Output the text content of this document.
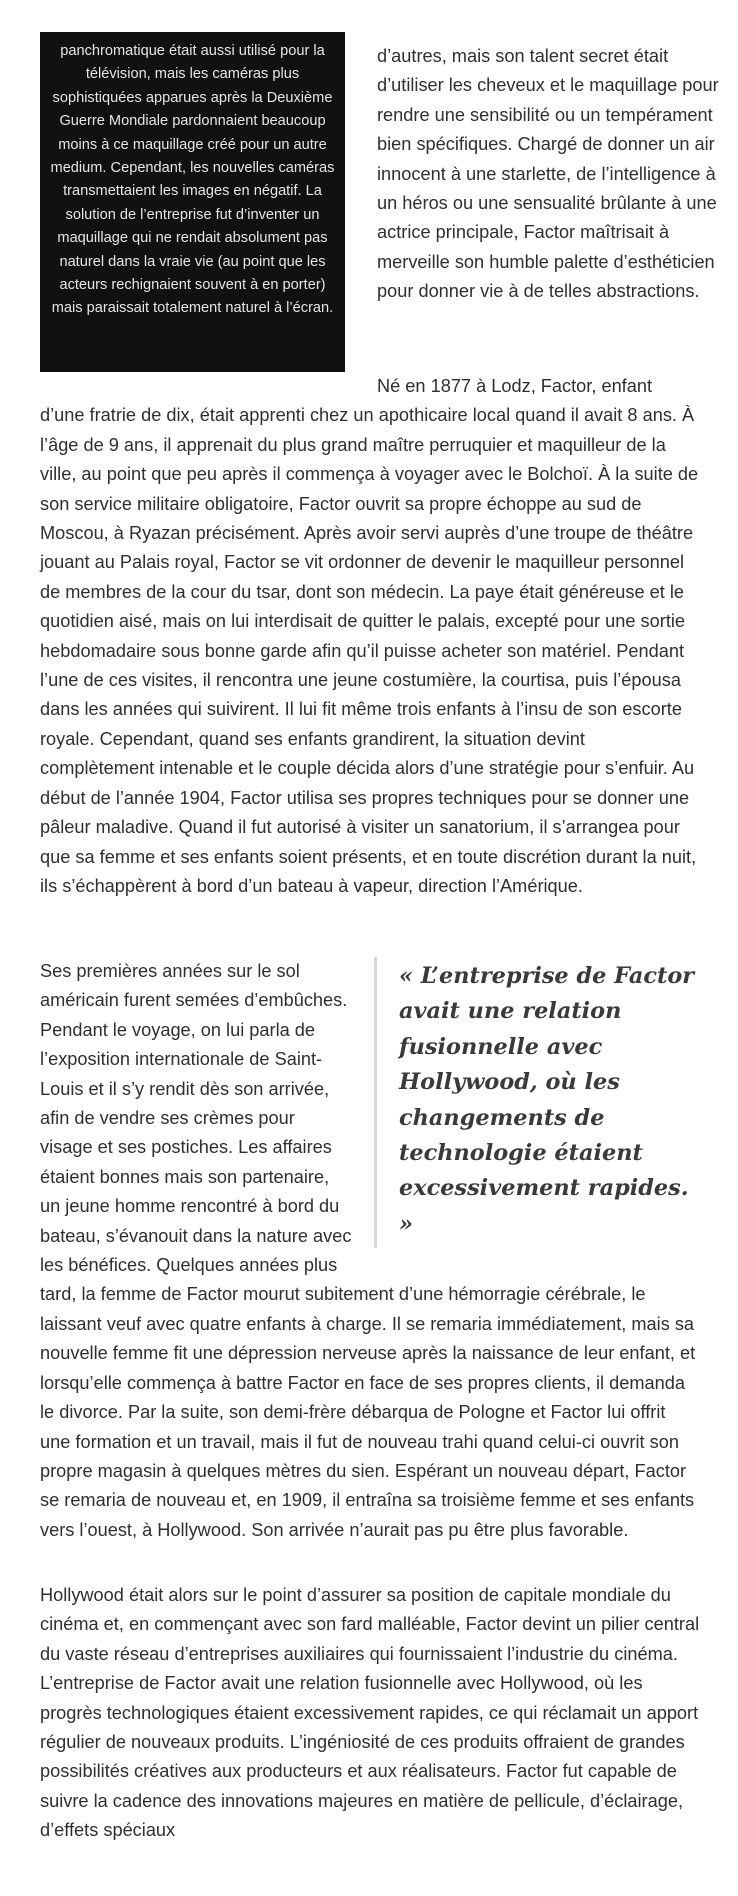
panchromatique était aussi utilisé pour la télévision, mais les caméras plus sophistiquées apparues après la Deuxième Guerre Mondiale pardonnaient beaucoup moins à ce maquillage créé pour un autre medium. Cependant, les nouvelles caméras transmettaient les images en négatif. La solution de l’entreprise fut d’inventer un maquillage qui ne rendait absolument pas naturel dans la vraie vie (au point que les acteurs rechignaient souvent à en porter) mais paraissait totalement naturel à l’écran.

d’autres, mais son talent secret était d’utiliser les cheveux et le maquillage pour rendre une sensibilité ou un tempérament bien spécifiques. Chargé de donner un air innocent à une starlette, de l’intelligence à un héros ou une sensualité brûlante à une actrice principale, Factor maîtrisait à merveille son humble palette d’esthéticien pour donner vie à de telles abstractions.

Né en 1877 à Lodz, Factor, enfant d’une fratrie de dix, était apprenti chez un apothicaire local quand il avait 8 ans. À l’âge de 9 ans, il apprenait du plus grand maître perruquier et maquilleur de la ville, au point que peu après il commença à voyager avec le Bolchoï. À la suite de son service militaire obligatoire, Factor ouvrit sa propre échoppe au sud de Moscou, à Ryazan précisément. Après avoir servi auprès d’une troupe de théâtre jouant au Palais royal, Factor se vit ordonner de devenir le maquilleur personnel de membres de la cour du tsar, dont son médecin. La paye était généreuse et le quotidien aisé, mais on lui interdisait de quitter le palais, excepté pour une sortie hebdomadaire sous bonne garde afin qu’il puisse acheter son matériel. Pendant l’une de ces visites, il rencontra une jeune costumière, la courtisa, puis l’épousa dans les années qui suivirent. Il lui fit même trois enfants à l’insu de son escorte royale. Cependant, quand ses enfants grandirent, la situation devint complètement intenable et le couple décida alors d’une stratégie pour s’enfuir. Au début de l’année 1904, Factor utilisa ses propres techniques pour se donner une pâleur maladive. Quand il fut autorisé à visiter un sanatorium, il s’arrangea pour que sa femme et ses enfants soient présents, et en toute discrétion durant la nuit, ils s’échappèrent à bord d’un bateau à vapeur, direction l’Amérique.

« L’entreprise de Factor avait une relation fusionnelle avec Hollywood, où les changements de technologie étaient excessivement rapides. »

Ses premières années sur le sol américain furent semées d’embûches. Pendant le voyage, on lui parla de l’exposition internationale de Saint-Louis et il s’y rendit dès son arrivée, afin de vendre ses crèmes pour visage et ses postiches. Les affaires étaient bonnes mais son partenaire, un jeune homme rencontré à bord du bateau, s’évanouit dans la nature avec les bénéfices. Quelques années plus tard, la femme de Factor mourut subitement d’une hémorragie cérébrale, le laissant veuf avec quatre enfants à charge. Il se remaria immédiatement, mais sa nouvelle femme fit une dépression nerveuse après la naissance de leur enfant, et lorsqu’elle commença à battre Factor en face de ses propres clients, il demanda le divorce. Par la suite, son demi-frère débarqua de Pologne et Factor lui offrit une formation et un travail, mais il fut de nouveau trahi quand celui-ci ouvrit son propre magasin à quelques mètres du sien. Espérant un nouveau départ, Factor se remaria de nouveau et, en 1909, il entraîna sa troisième femme et ses enfants vers l’ouest, à Hollywood. Son arrivée n’aurait pas pu être plus favorable.

Hollywood était alors sur le point d’assurer sa position de capitale mondiale du cinéma et, en commençant avec son fard malléable, Factor devint un pilier central du vaste réseau d’entreprises auxiliaires qui fournissaient l’industrie du cinéma. L’entreprise de Factor avait une relation fusionnelle avec Hollywood, où les progrès technologiques étaient excessivement rapides, ce qui réclamait un apport régulier de nouveaux produits. L’ingéniosité de ces produits offraient de grandes possibilités créatives aux producteurs et aux réalisateurs. Factor fut capable de suivre la cadence des innovations majeures en matière de pellicule, d’éclairage, d’effets spéciaux
